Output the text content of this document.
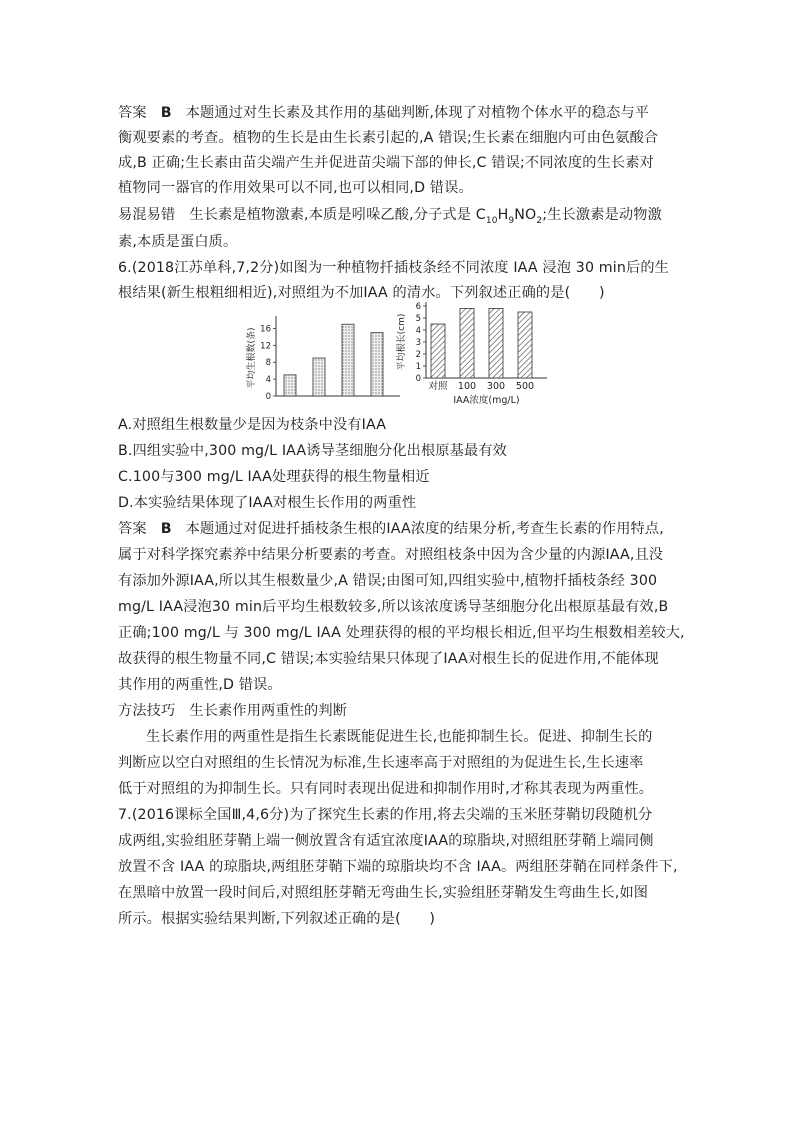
答案 B 本题通过对生长素及其作用的基础判断,体现了对植物个体水平的稳态与平
衡观要素的考查。植物的生长是由生长素引起的,A 错误;生长素在细胞内可由色氨酸合
成,B 正确;生长素由苗尖端产生并促进苗尖端下部的伸长,C 错误;不同浓度的生长素对
植物同一器官的作用效果可以不同,也可以相同,D 错误。
易混易错 生长素是植物激素,本质是吲哚乙酸,分子式是 $C_{10}H_9NO_2$;生长激素是动物激
素,本质是蛋白质。
6.(2018江苏单科,7,2分)如图为一种植物扦插枝条经不同浓度 IAA 浸泡 30 min后的生
根结果(新生根粗细相近),对照组为不加IAA 的清水。下列叙述正确的是(　　)
0
4
8
12
16
平均生根数(条)	0
1
2
3
4
5
6
平均根长(cm)
对照 100 300 500
IAA浓度(mg/L)
A.对照组生根数量少是因为枝条中没有IAA
B.四组实验中,300 mg/L IAA诱导茎细胞分化出根原基最有效
C.100与300 mg/L IAA处理获得的根生物量相近
D.本实验结果体现了IAA对根生长作用的两重性
答案 B 本题通过对促进扦插枝条生根的IAA浓度的结果分析,考查生长素的作用特点,
属于对科学探究素养中结果分析要素的考查。对照组枝条中因为含少量的内源IAA,且没
有添加外源IAA,所以其生根数量少,A 错误;由图可知,四组实验中,植物扦插枝条经 300
mg/L IAA浸泡30 min后平均生根数较多,所以该浓度诱导茎细胞分化出根原基最有效,B
正确;100 mg/L 与 300 mg/L IAA 处理获得的根的平均根长相近,但平均生根数相差较大,
故获得的根生物量不同,C 错误;本实验结果只体现了IAA对根生长的促进作用,不能体现
其作用的两重性,D 错误。
方法技巧 生长素作用两重性的判断
生长素作用的两重性是指生长素既能促进生长,也能抑制生长。促进、抑制生长的
判断应以空白对照组的生长情况为标准,生长速率高于对照组的为促进生长,生长速率
低于对照组的为抑制生长。只有同时表现出促进和抑制作用时,才称其表现为两重性。
7.(2016课标全国Ⅲ,4,6分)为了探究生长素的作用,将去尖端的玉米胚芽鞘切段随机分
成两组,实验组胚芽鞘上端一侧放置含有适宜浓度IAA的琼脂块,对照组胚芽鞘上端同侧
放置不含 IAA 的琼脂块,两组胚芽鞘下端的琼脂块均不含 IAA。两组胚芽鞘在同样条件下,
在黑暗中放置一段时间后,对照组胚芽鞘无弯曲生长,实验组胚芽鞘发生弯曲生长,如图
所示。根据实验结果判断,下列叙述正确的是(　　)
